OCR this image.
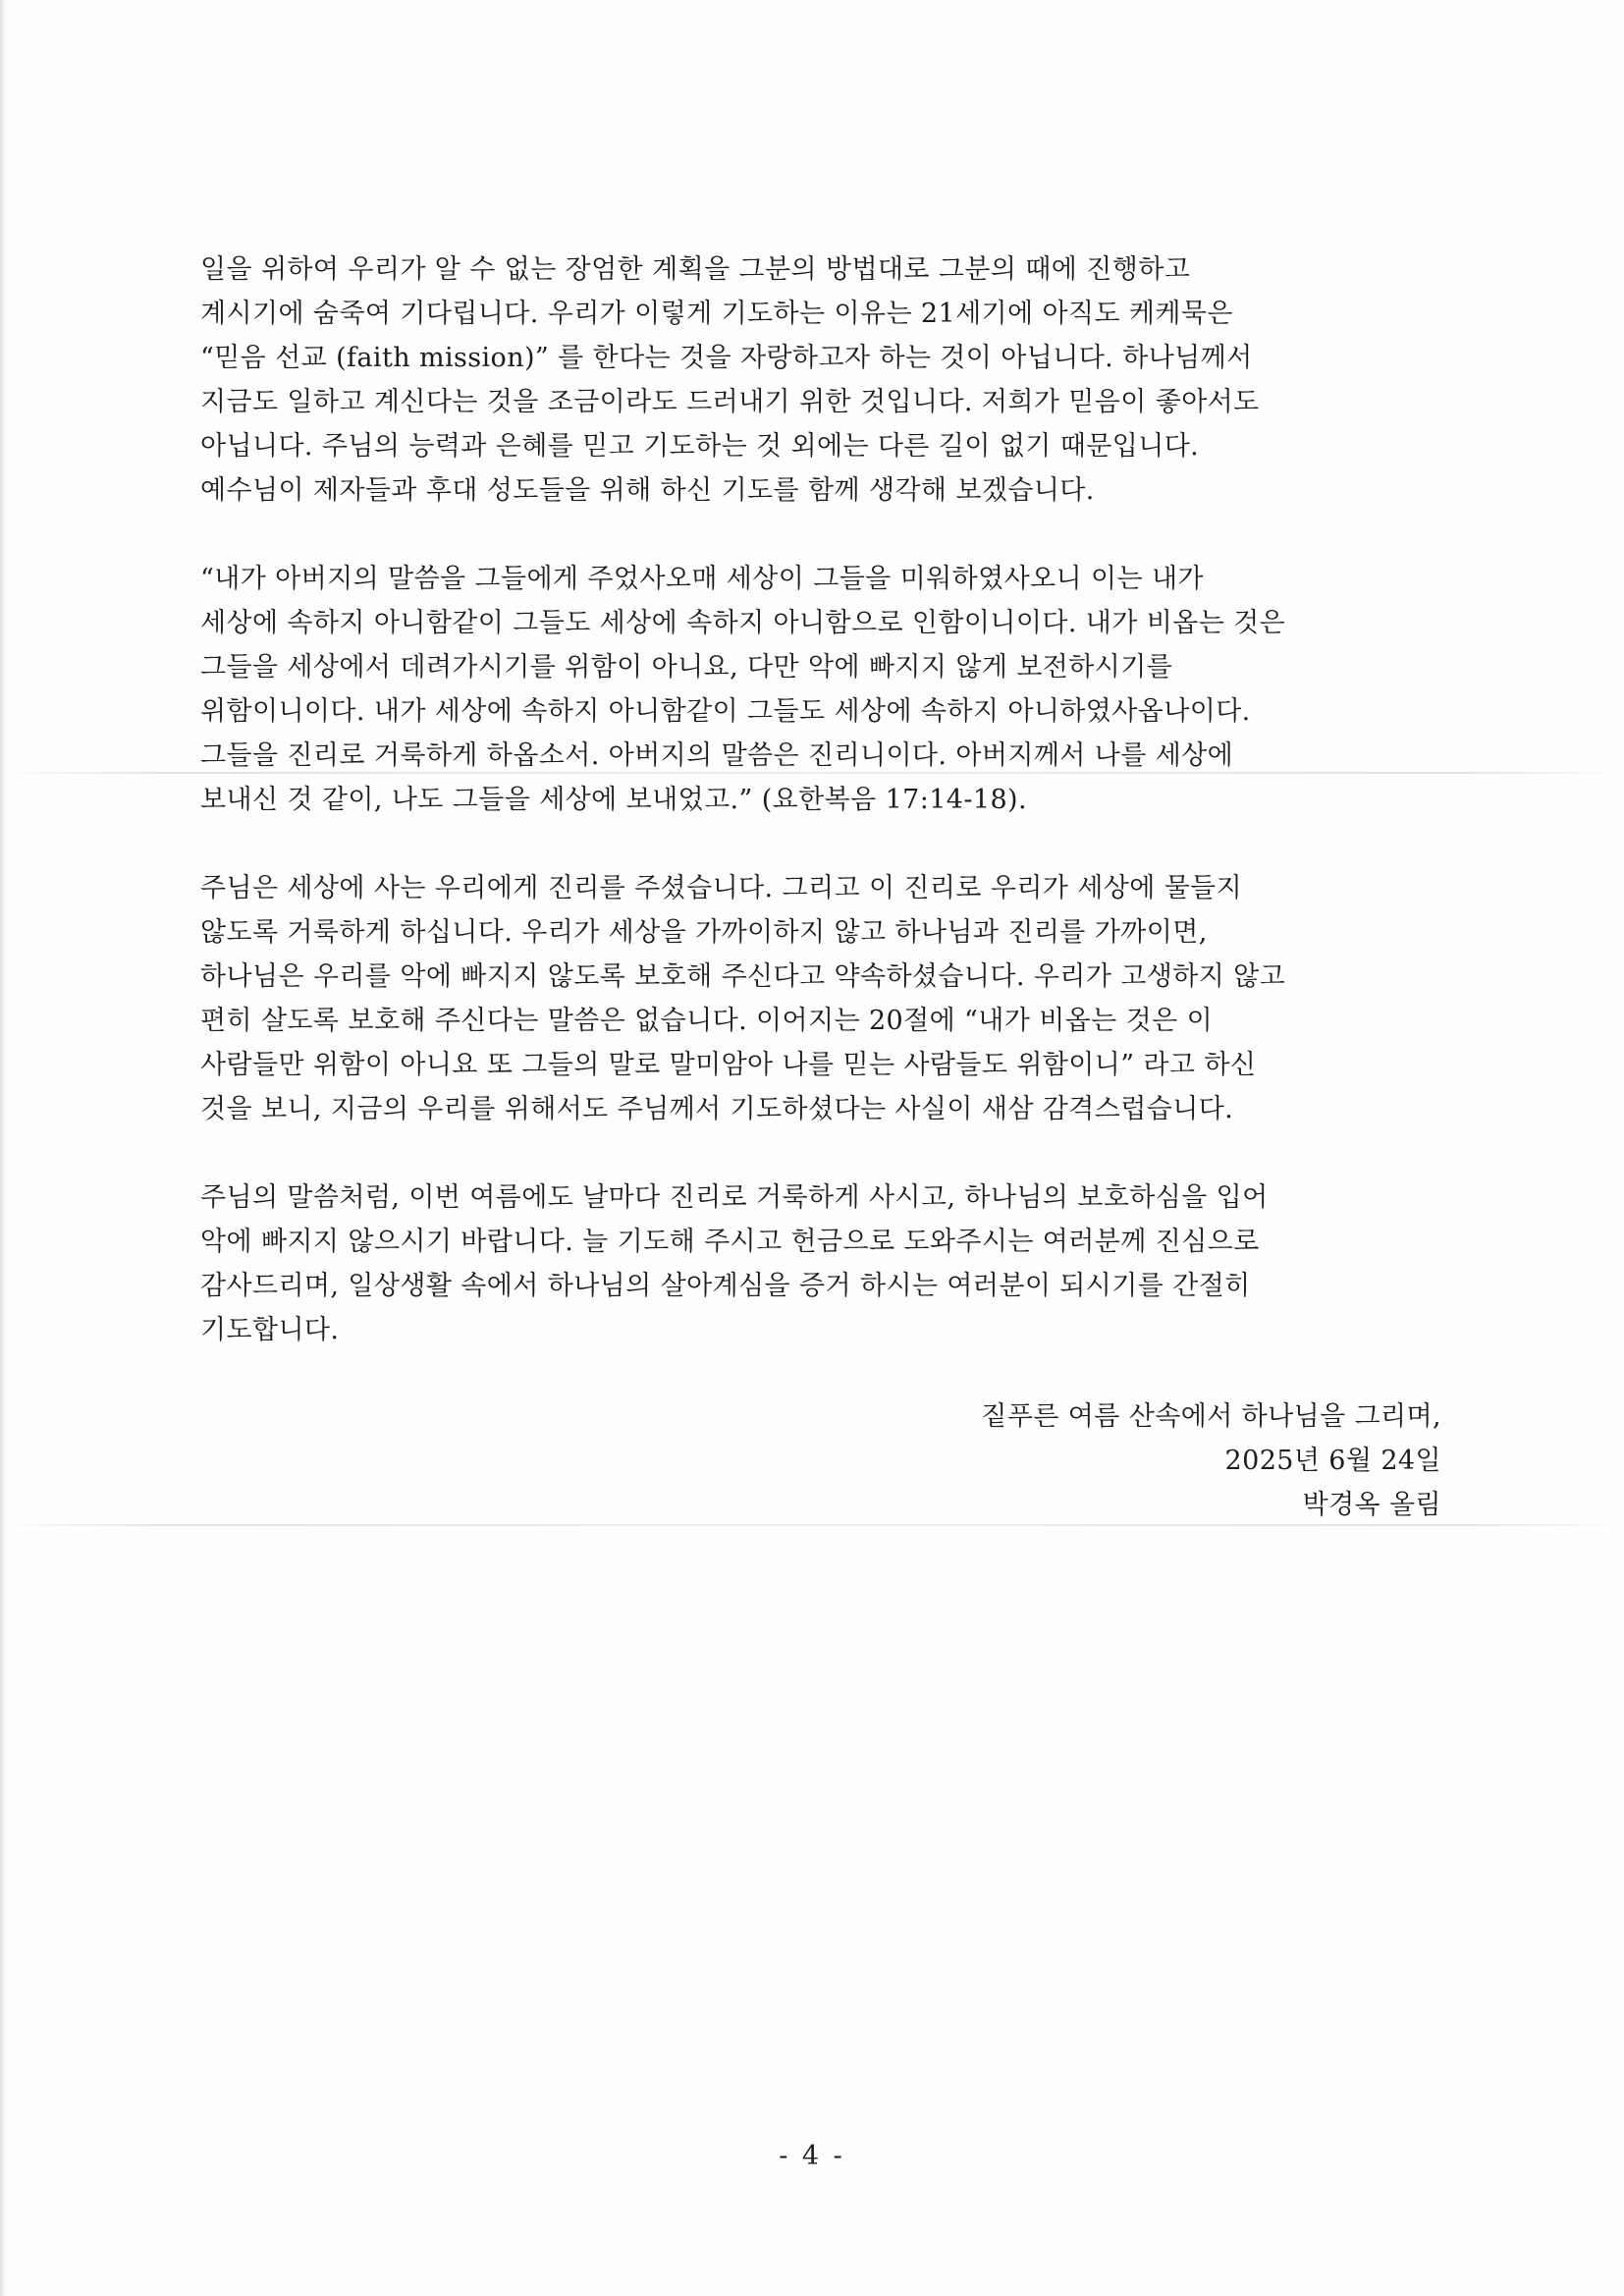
일을 위하여 우리가 알 수 없는 장엄한 계획을 그분의 방법대로 그분의 때에 진행하고
계시기에 숨죽여 기다립니다. 우리가 이렇게 기도하는 이유는 21세기에 아직도 케케묵은
“믿음 선교 (faith mission)” 를 한다는 것을 자랑하고자 하는 것이 아닙니다. 하나님께서
지금도 일하고 계신다는 것을 조금이라도 드러내기 위한 것입니다. 저희가 믿음이 좋아서도
아닙니다. 주님의 능력과 은혜를 믿고 기도하는 것 외에는 다른 길이 없기 때문입니다.
예수님이 제자들과 후대 성도들을 위해 하신 기도를 함께 생각해 보겠습니다.
“내가 아버지의 말씀을 그들에게 주었사오매 세상이 그들을 미워하였사오니 이는 내가
세상에 속하지 아니함같이 그들도 세상에 속하지 아니함으로 인함이니이다. 내가 비옵는 것은
그들을 세상에서 데려가시기를 위함이 아니요, 다만 악에 빠지지 않게 보전하시기를
위함이니이다. 내가 세상에 속하지 아니함같이 그들도 세상에 속하지 아니하였사옵나이다.
그들을 진리로 거룩하게 하옵소서. 아버지의 말씀은 진리니이다. 아버지께서 나를 세상에
보내신 것 같이, 나도 그들을 세상에 보내었고.” (요한복음 17:14-18).
주님은 세상에 사는 우리에게 진리를 주셨습니다. 그리고 이 진리로 우리가 세상에 물들지
않도록 거룩하게 하십니다. 우리가 세상을 가까이하지 않고 하나님과 진리를 가까이면,
하나님은 우리를 악에 빠지지 않도록 보호해 주신다고 약속하셨습니다. 우리가 고생하지 않고
편히 살도록 보호해 주신다는 말씀은 없습니다. 이어지는 20절에 “내가 비옵는 것은 이
사람들만 위함이 아니요 또 그들의 말로 말미암아 나를 믿는 사람들도 위함이니” 라고 하신
것을 보니, 지금의 우리를 위해서도 주님께서 기도하셨다는 사실이 새삼 감격스럽습니다.
주님의 말씀처럼, 이번 여름에도 날마다 진리로 거룩하게 사시고, 하나님의 보호하심을 입어
악에 빠지지 않으시기 바랍니다. 늘 기도해 주시고 헌금으로 도와주시는 여러분께 진심으로
감사드리며, 일상생활 속에서 하나님의 살아계심을 증거 하시는 여러분이 되시기를 간절히
기도합니다.
짙푸른 여름 산속에서 하나님을 그리며,
2025년 6월 24일
박경옥 올림
- 4 -
